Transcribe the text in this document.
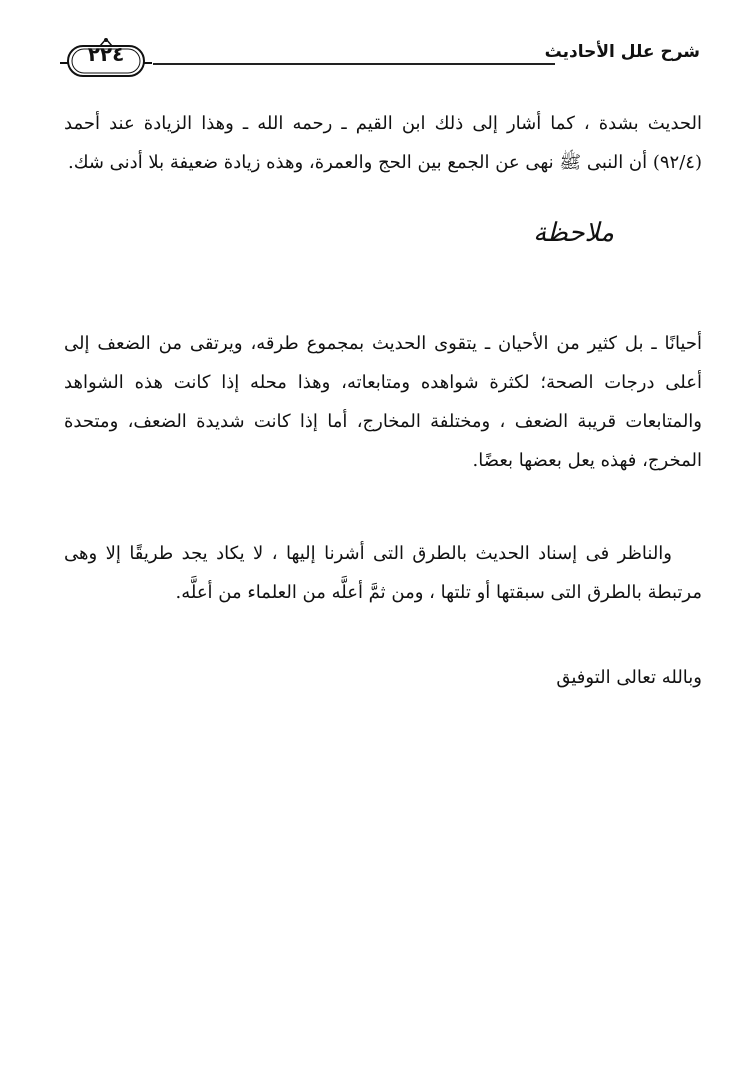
٢٢٤	شرح علل الأحاديث

الحديث بشدة ، كما أشار إلى ذلك ابن القيم ـ رحمه الله ـ وهذا الزيادة عند أحمد (٩٢/٤) أن النبى ﷺ نهى عن الجمع بين الحج والعمرة، وهذه زيادة ضعيفة بلا أدنى شك.

ملاحظة

أحيانًا ـ بل كثير من الأحيان ـ يتقوى الحديث بمجموع طرقه، ويرتقى من الضعف إلى أعلى درجات الصحة؛ لكثرة شواهده ومتابعاته، وهذا محله إذا كانت هذه الشواهد والمتابعات قريبة الضعف ، ومختلفة المخارج، أما إذا كانت شديدة الضعف، ومتحدة المخرج، فهذه يعل بعضها بعضًا.

والناظر فى إسناد الحديث بالطرق التى أشرنا إليها ، لا يكاد يجد طريقًا إلا وهى مرتبطة بالطرق التى سبقتها أو تلتها ، ومن ثمَّ أعلَّه من العلماء من أعلَّه.

وبالله تعالى التوفيق
